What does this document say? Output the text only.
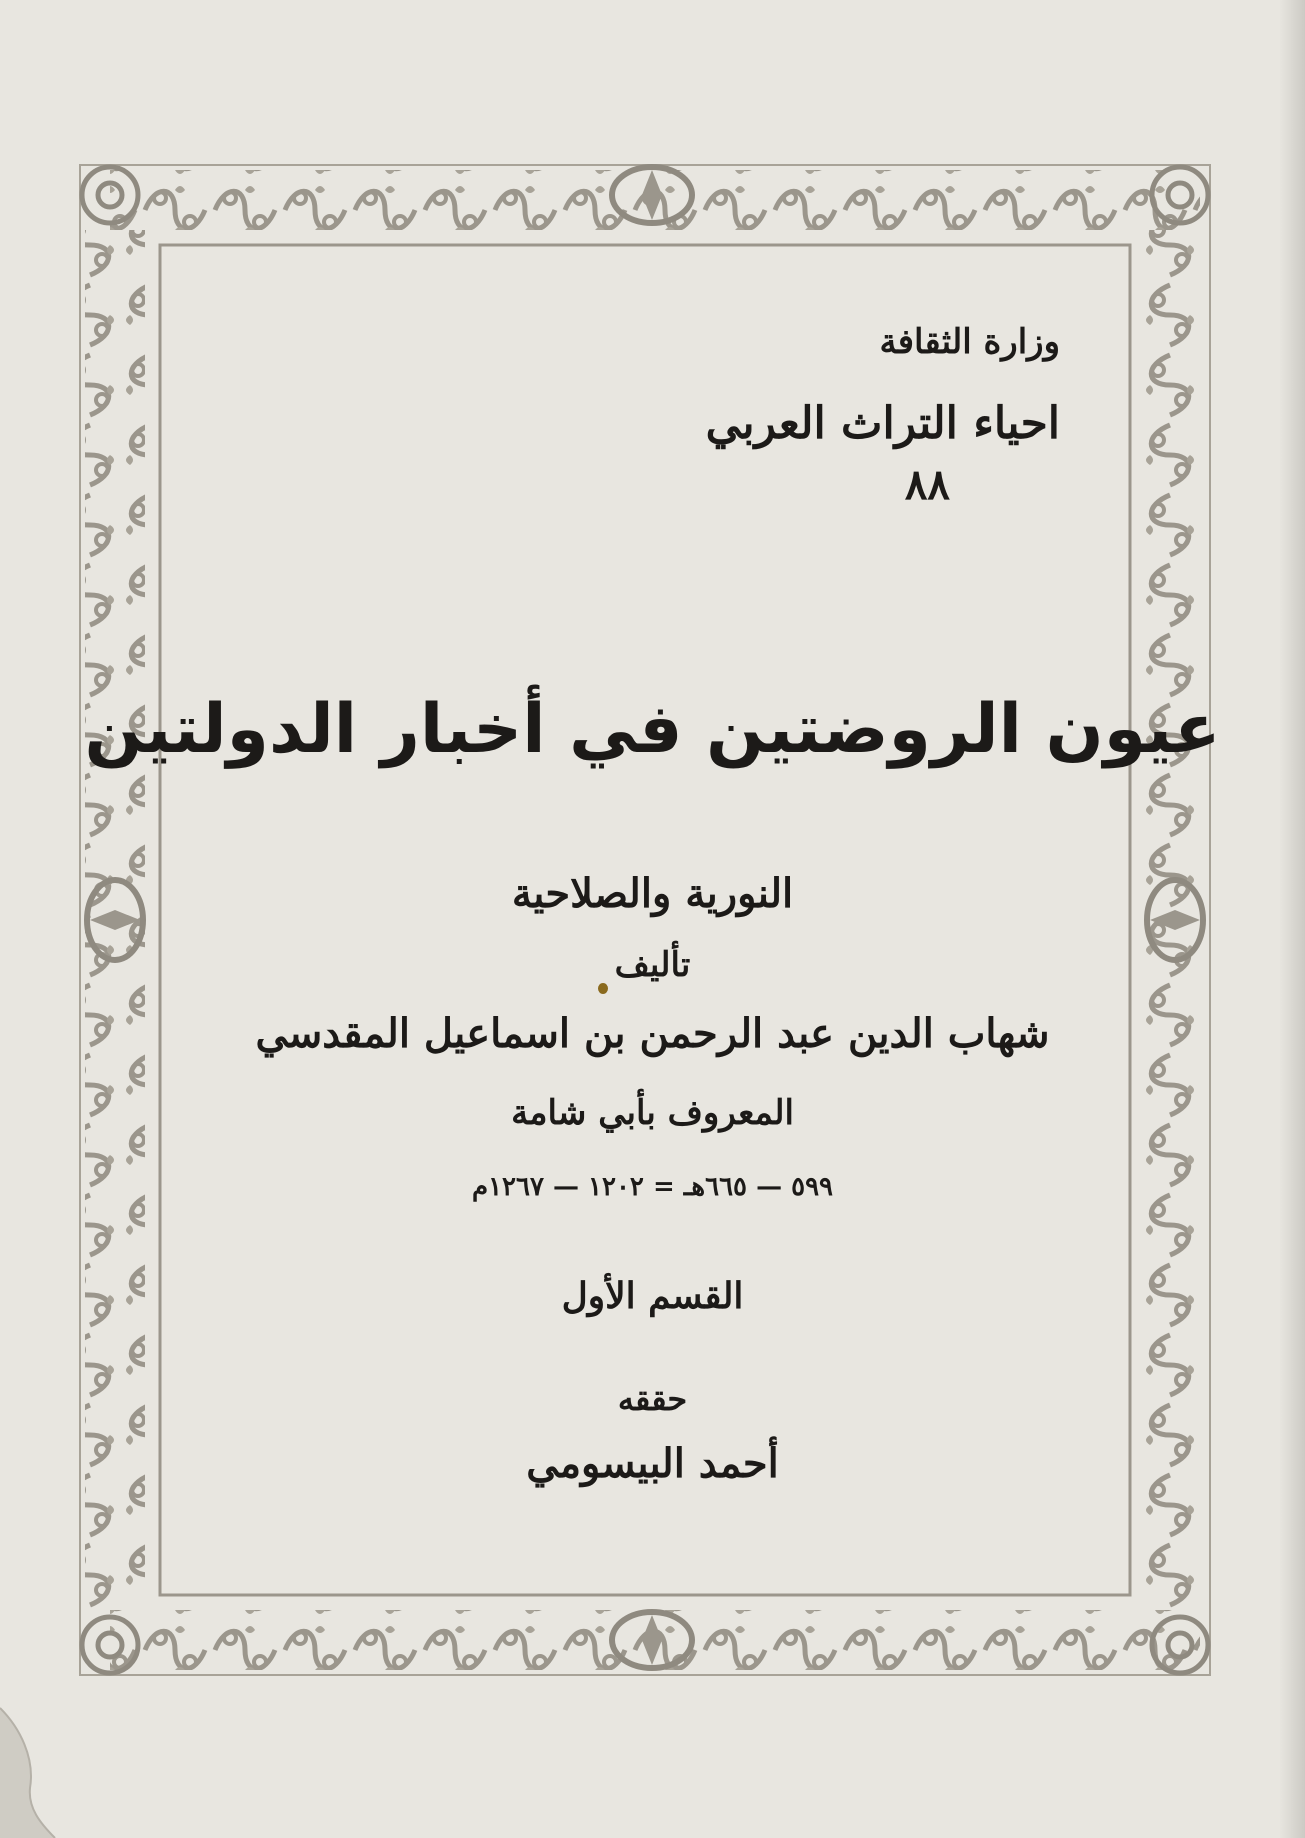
وزارة الثقافة
احياء التراث العربي
٨٨
عيون الروضتين في أخبار الدولتين
النورية والصلاحية
تأليف
شهاب الدين عبد الرحمن بن اسماعيل المقدسي
المعروف بأبي شامة
٥٩٩ — ٦٦٥هـ = ١٢٠٢ — ١٢٦٧م
القسم الأول
حققه
أحمد البيسومي
